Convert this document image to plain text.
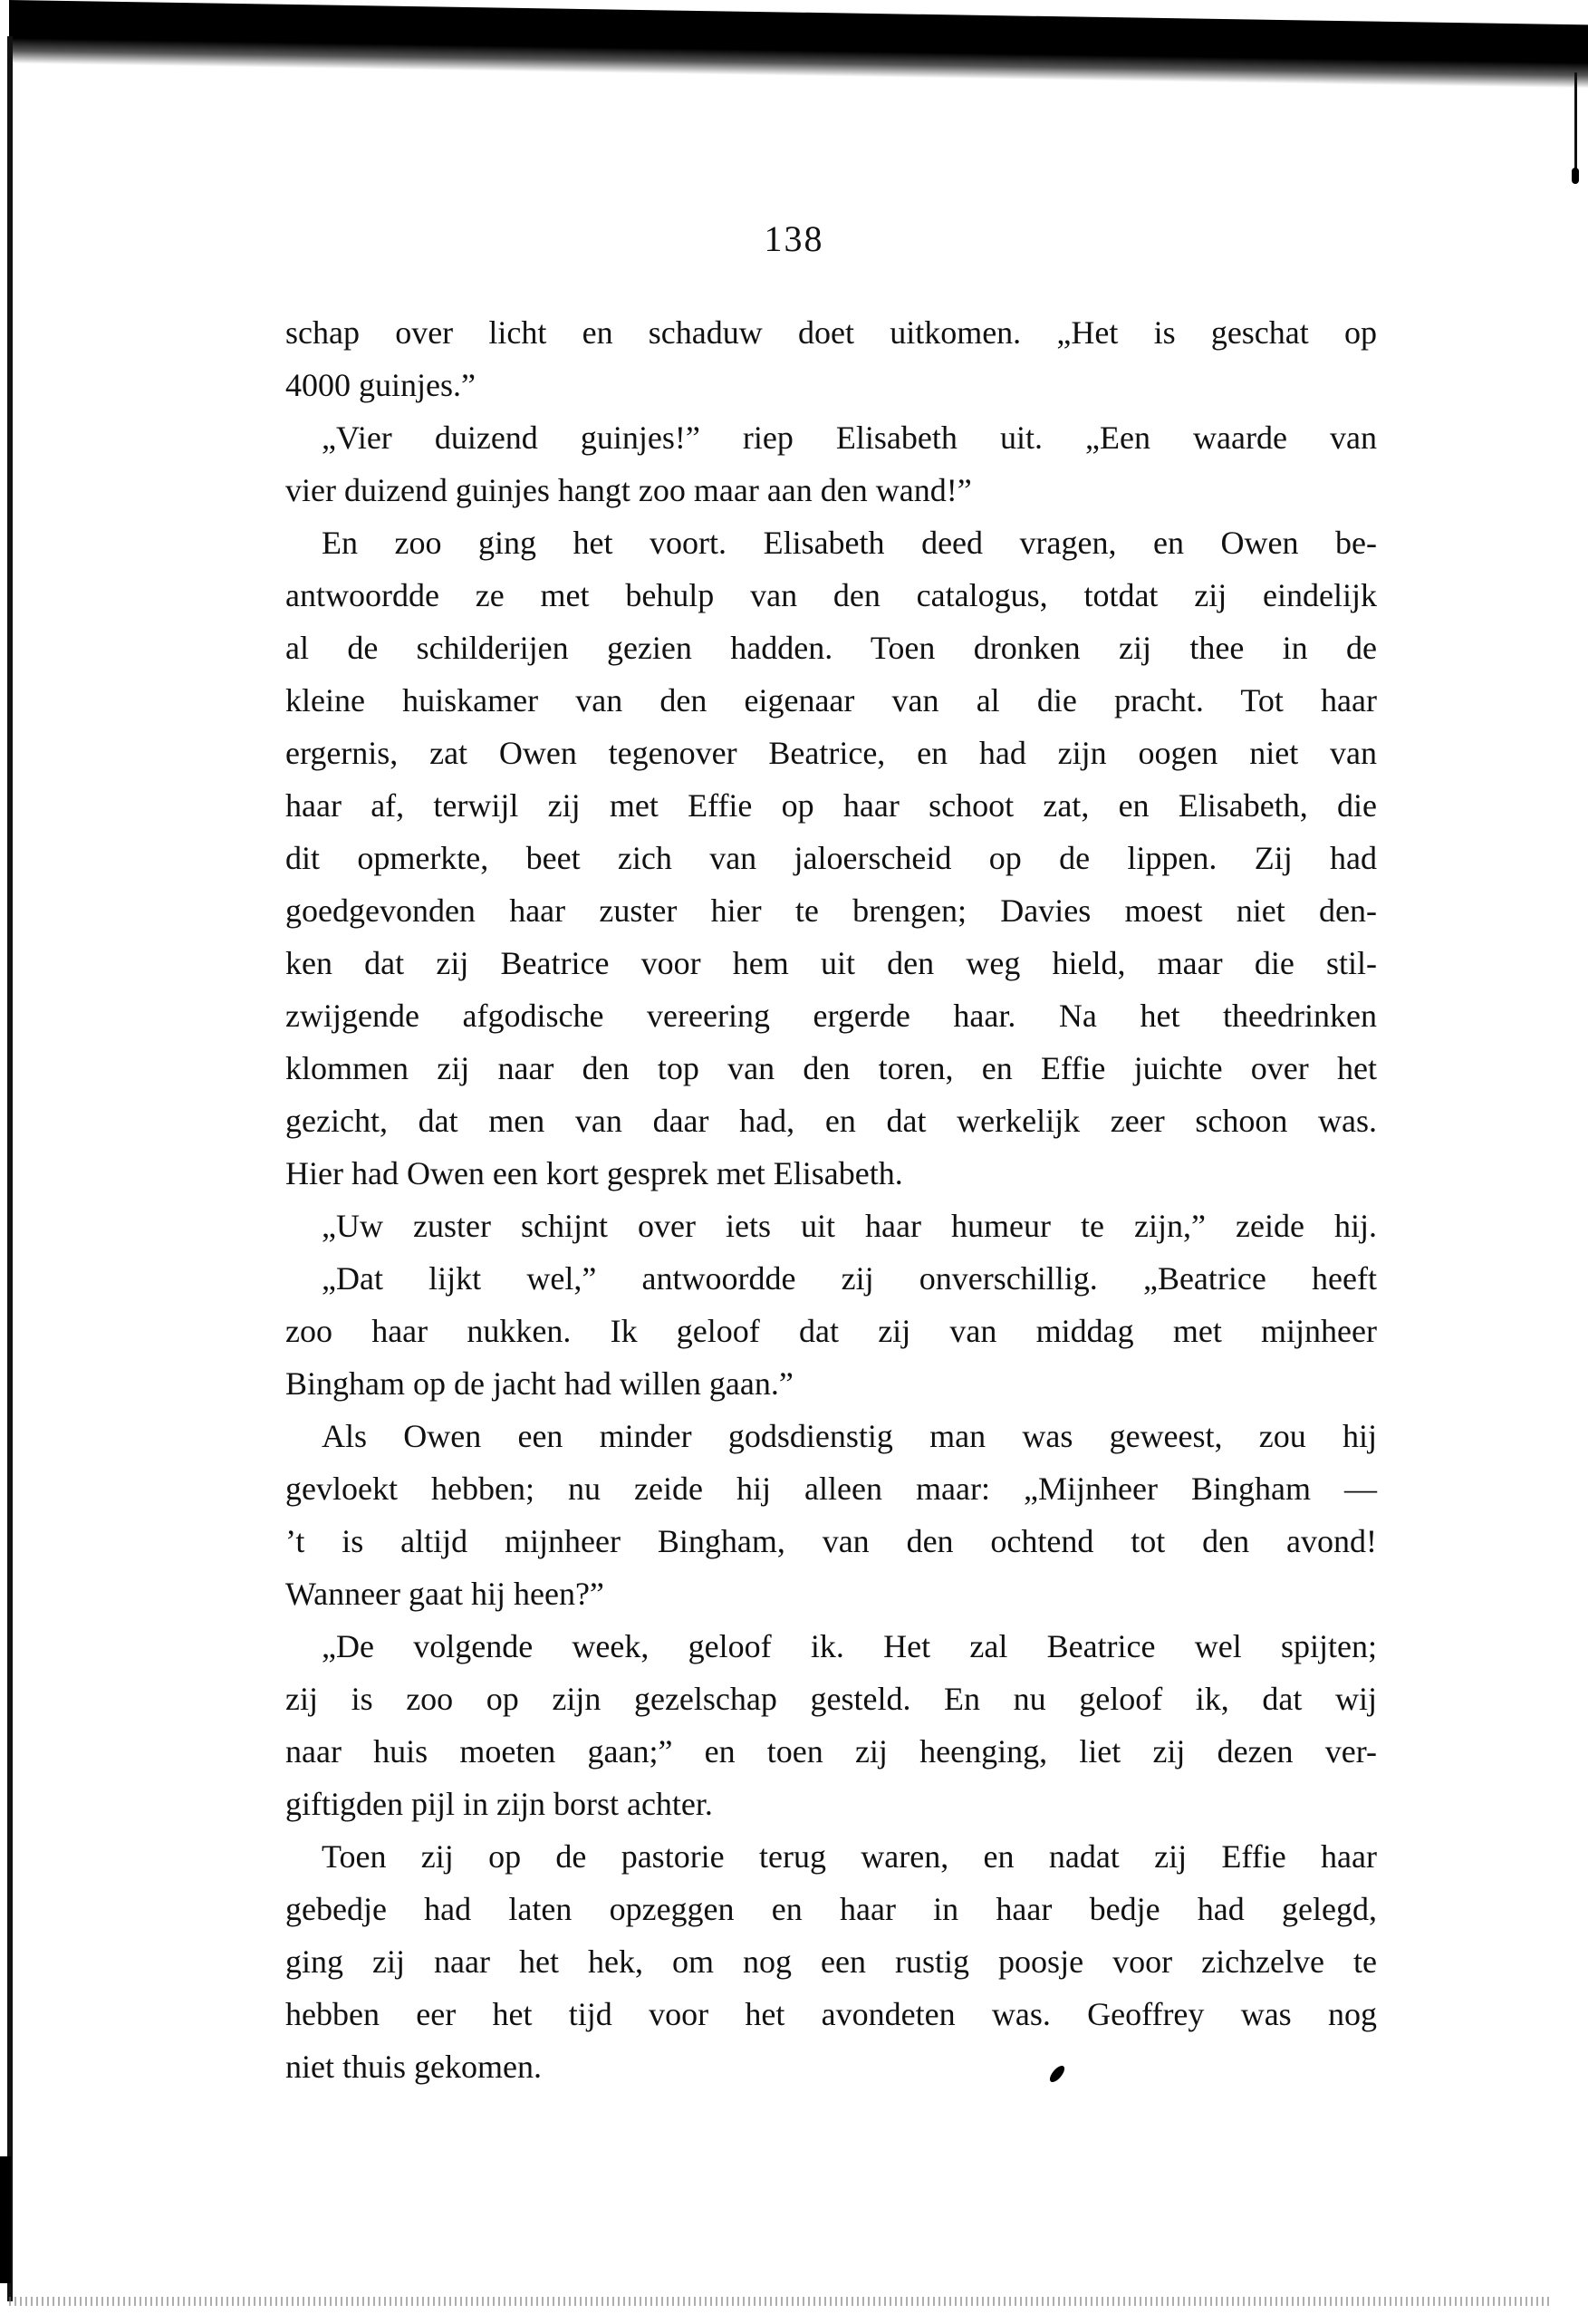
138
schap over licht en schaduw doet uitkomen. „Het is geschat op
4000 guinjes.”
„Vier duizend guinjes!” riep Elisabeth uit. „Een waarde van
vier duizend guinjes hangt zoo maar aan den wand!”
En zoo ging het voort. Elisabeth deed vragen, en Owen be-
antwoordde ze met behulp van den catalogus, totdat zij eindelijk
al de schilderijen gezien hadden. Toen dronken zij thee in de
kleine huiskamer van den eigenaar van al die pracht. Tot haar
ergernis, zat Owen tegenover Beatrice, en had zijn oogen niet van
haar af, terwijl zij met Effie op haar schoot zat, en Elisabeth, die
dit opmerkte, beet zich van jaloerscheid op de lippen. Zij had
goedgevonden haar zuster hier te brengen; Davies moest niet den-
ken dat zij Beatrice voor hem uit den weg hield, maar die stil-
zwijgende afgodische vereering ergerde haar. Na het theedrinken
klommen zij naar den top van den toren, en Effie juichte over het
gezicht, dat men van daar had, en dat werkelijk zeer schoon was.
Hier had Owen een kort gesprek met Elisabeth.
„Uw zuster schijnt over iets uit haar humeur te zijn,” zeide hij.
„Dat lijkt wel,” antwoordde zij onverschillig. „Beatrice heeft
zoo haar nukken. Ik geloof dat zij van middag met mijnheer
Bingham op de jacht had willen gaan.”
Als Owen een minder godsdienstig man was geweest, zou hij
gevloekt hebben; nu zeide hij alleen maar: „Mijnheer Bingham —
’t is altijd mijnheer Bingham, van den ochtend tot den avond!
Wanneer gaat hij heen?”
„De volgende week, geloof ik. Het zal Beatrice wel spijten;
zij is zoo op zijn gezelschap gesteld. En nu geloof ik, dat wij
naar huis moeten gaan;” en toen zij heenging, liet zij dezen ver-
giftigden pijl in zijn borst achter.
Toen zij op de pastorie terug waren, en nadat zij Effie haar
gebedje had laten opzeggen en haar in haar bedje had gelegd,
ging zij naar het hek, om nog een rustig poosje voor zichzelve te
hebben eer het tijd voor het avondeten was. Geoffrey was nog
niet thuis gekomen.
